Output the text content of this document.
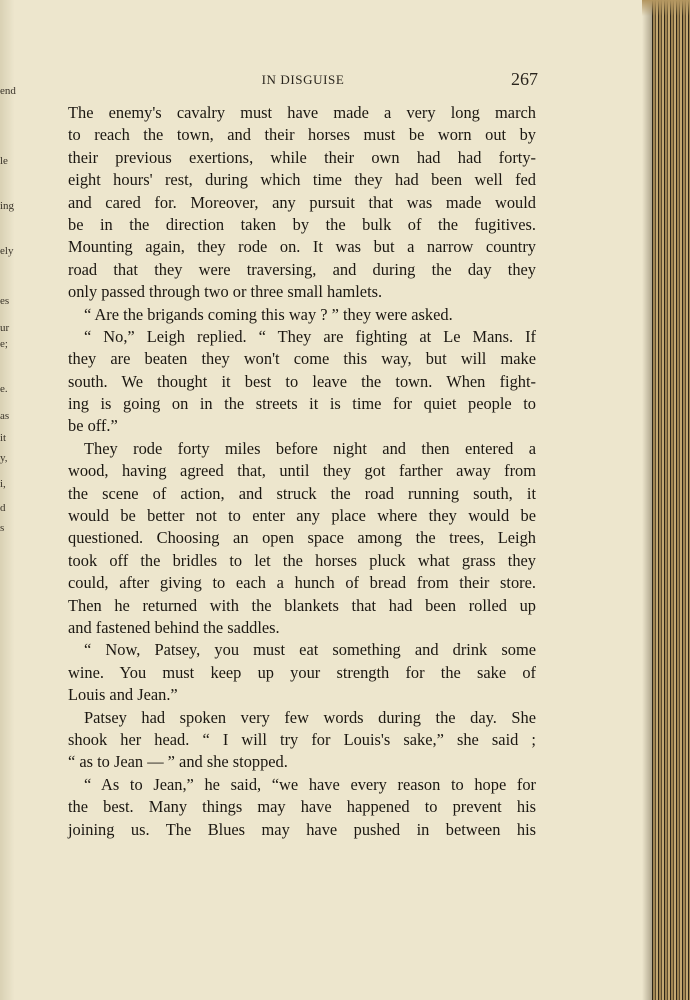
end
le
ing
ely
es
ur
e;
e.
as
it
y,
i,
d
s
IN DISGUISE	267
The enemy's cavalry must have made a very long march
to reach the town, and their horses must be worn out by
their previous exertions, while their own had had forty-
eight hours' rest, during which time they had been well fed
and cared for. Moreover, any pursuit that was made would
be in the direction taken by the bulk of the fugitives.
Mounting again, they rode on. It was but a narrow country
road that they were traversing, and during the day they
only passed through two or three small hamlets.
“ Are the brigands coming this way ? ” they were asked.
“ No,” Leigh replied. “ They are fighting at Le Mans. If
they are beaten they won't come this way, but will make
south. We thought it best to leave the town. When fight-
ing is going on in the streets it is time for quiet people to
be off.”
They rode forty miles before night and then entered a
wood, having agreed that, until they got farther away from
the scene of action, and struck the road running south, it
would be better not to enter any place where they would be
questioned. Choosing an open space among the trees, Leigh
took off the bridles to let the horses pluck what grass they
could, after giving to each a hunch of bread from their store.
Then he returned with the blankets that had been rolled up
and fastened behind the saddles.
“ Now, Patsey, you must eat something and drink some
wine. You must keep up your strength for the sake of
Louis and Jean.”
Patsey had spoken very few words during the day. She
shook her head. “ I will try for Louis's sake,” she said ;
“ as to Jean — ” and she stopped.
“ As to Jean,” he said, “we have every reason to hope for
the best. Many things may have happened to prevent his
joining us. The Blues may have pushed in between his
